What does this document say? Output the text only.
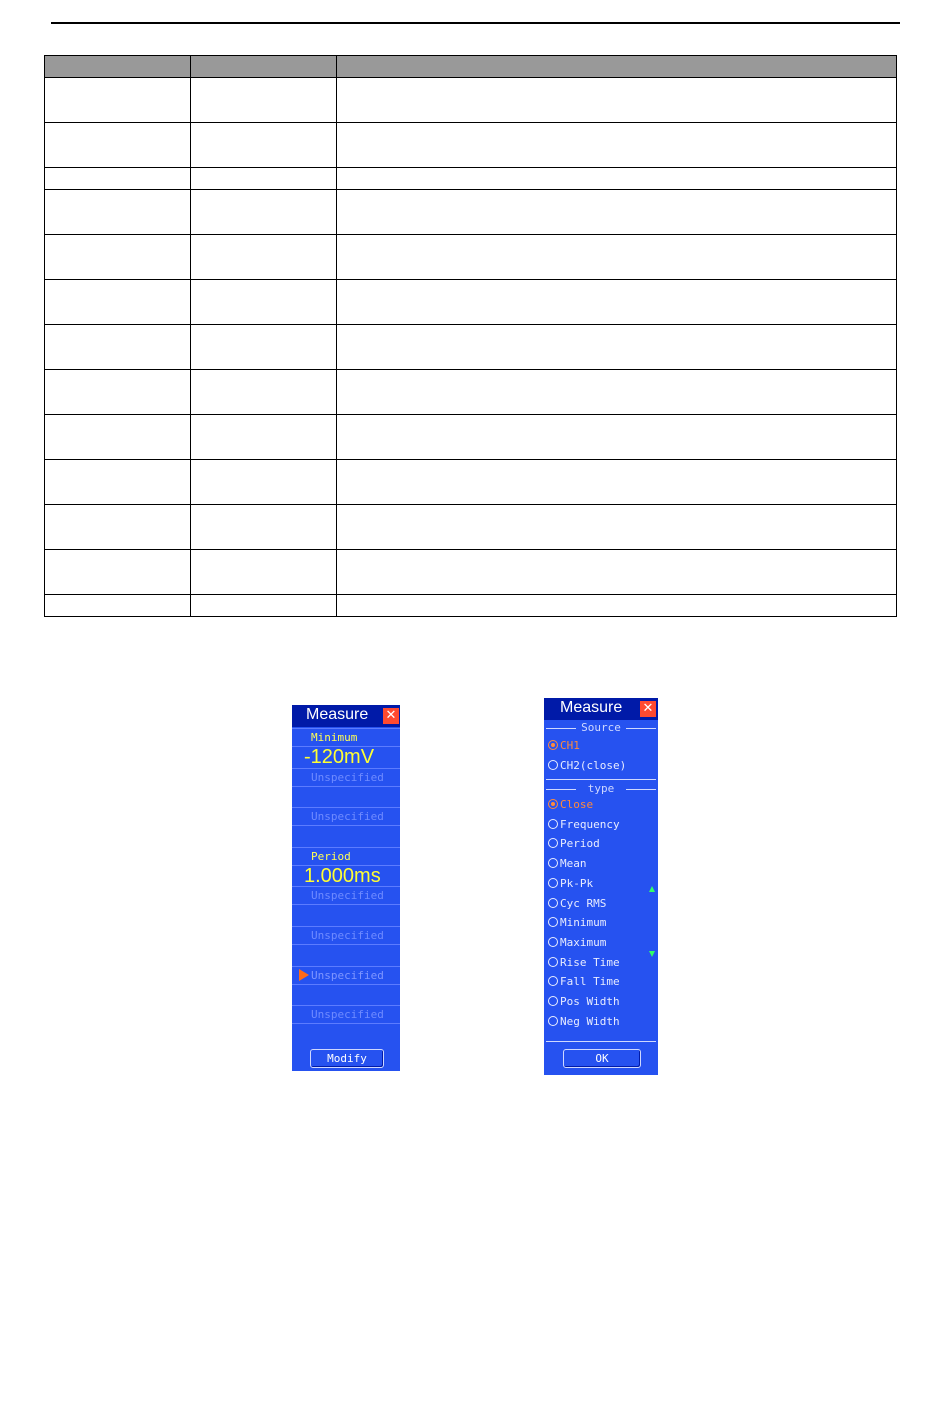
Measure ✕
Minimum
-120mV
Unspecified
Unspecified
Period
1.000ms
Unspecified
Unspecified
Unspecified
Unspecified
Modify
Measure ✕
Source
CH1
CH2(close)
type
Close
Frequency
Period
Mean
Pk-Pk
Cyc RMS
Minimum
Maximum
Rise Time
Fall Time
Pos Width
Neg Width
OK
